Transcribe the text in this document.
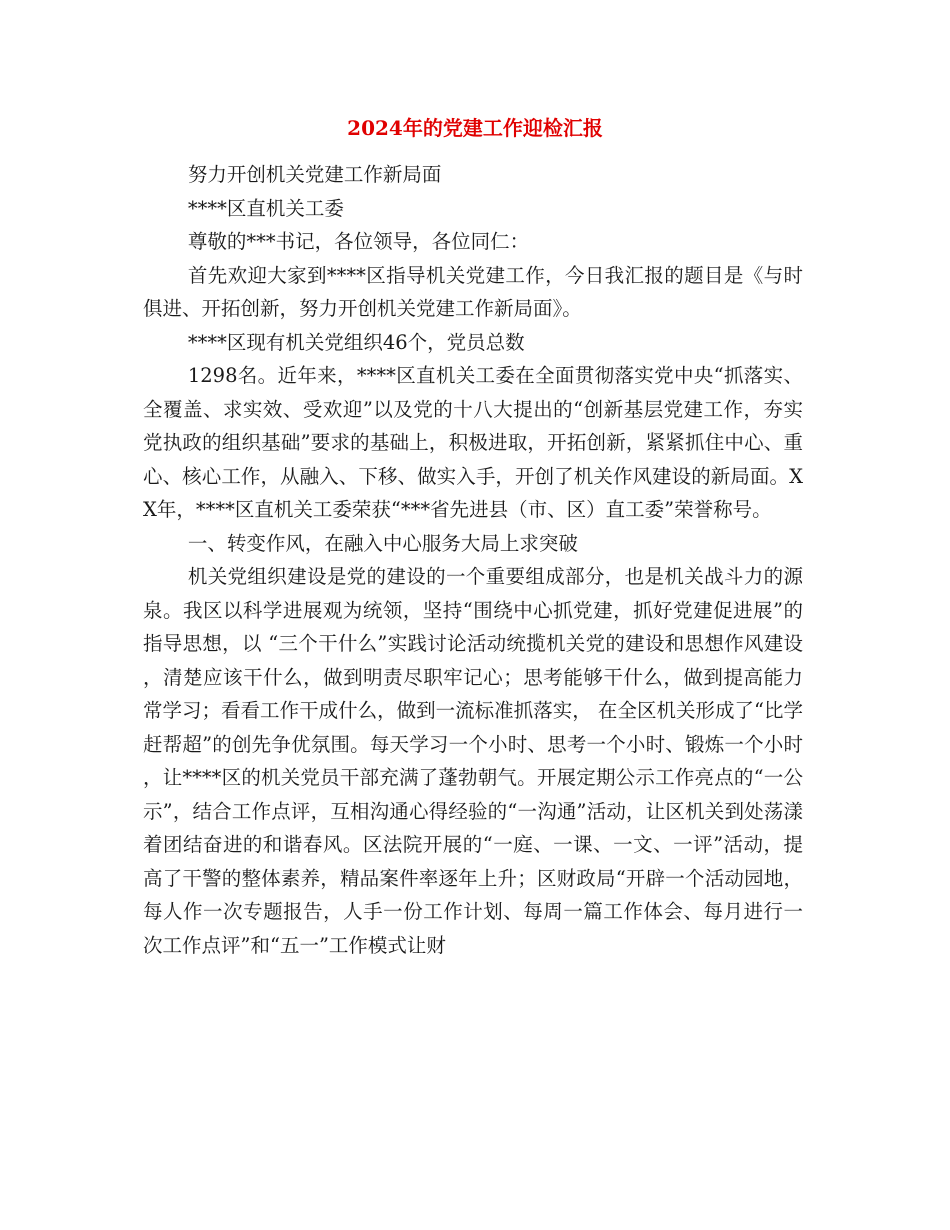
2024年的党建工作迎检汇报

努力开创机关党建工作新局面

****区直机关工委

尊敬的***书记，各位领导，各位同仁：

首先欢迎大家到****区指导机关党建工作，今日我汇报的题目是《与时俱进、开拓创新，努力开创机关党建工作新局面》。

****区现有机关党组织46个，党员总数

1298名。近年来，****区直机关工委在全面贯彻落实党中央“抓落实、全覆盖、求实效、受欢迎”以及党的十八大提出的“创新基层党建工作，夯实党执政的组织基础”要求的基础上，积极进取，开拓创新，紧紧抓住中心、重心、核心工作，从融入、下移、做实入手，开创了机关作风建设的新局面。XX年，****区直机关工委荣获“***省先进县（市、区）直工委”荣誉称号。

一、转变作风，在融入中心服务大局上求突破

机关党组织建设是党的建设的一个重要组成部分，也是机关战斗力的源泉。我区以科学进展观为统领，坚持“围绕中心抓党建，抓好党建促进展”的指导思想，以 “三个干什么”实践讨论活动统揽机关党的建设和思想作风建设，清楚应该干什么，做到明责尽职牢记心；思考能够干什么，做到提高能力常学习；看看工作干成什么，做到一流标准抓落实， 在全区机关形成了“比学赶帮超”的创先争优氛围。每天学习一个小时、思考一个小时、锻炼一个小时，让****区的机关党员干部充满了蓬勃朝气。开展定期公示工作亮点的“一公示”，结合工作点评，互相沟通心得经验的“一沟通”活动，让区机关到处荡漾着团结奋进的和谐春风。区法院开展的“一庭、一课、一文、一评”活动，提高了干警的整体素养，精品案件率逐年上升；区财政局“开辟一个活动园地，每人作一次专题报告，人手一份工作计划、每周一篇工作体会、每月进行一次工作点评”和“五一”工作模式让财
